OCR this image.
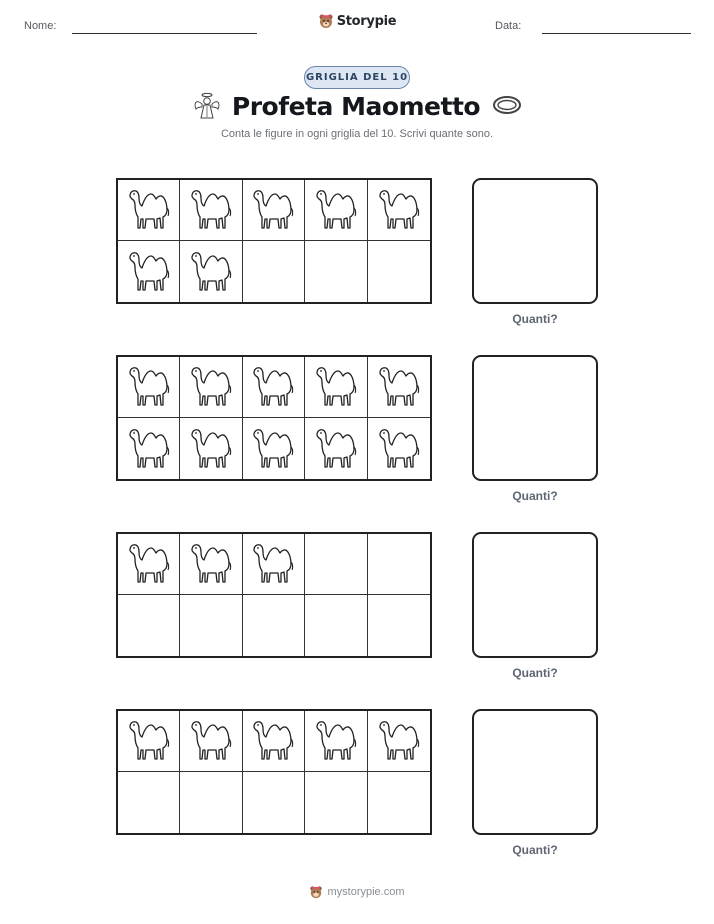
Nome:	Storypie	Data:
GRIGLIA DEL 10
Profeta Maometto
Conta le figure in ogni griglia del 10. Scrivi quante sono.
Quanti?
Quanti?
Quanti?
Quanti?
mystorypie.com
